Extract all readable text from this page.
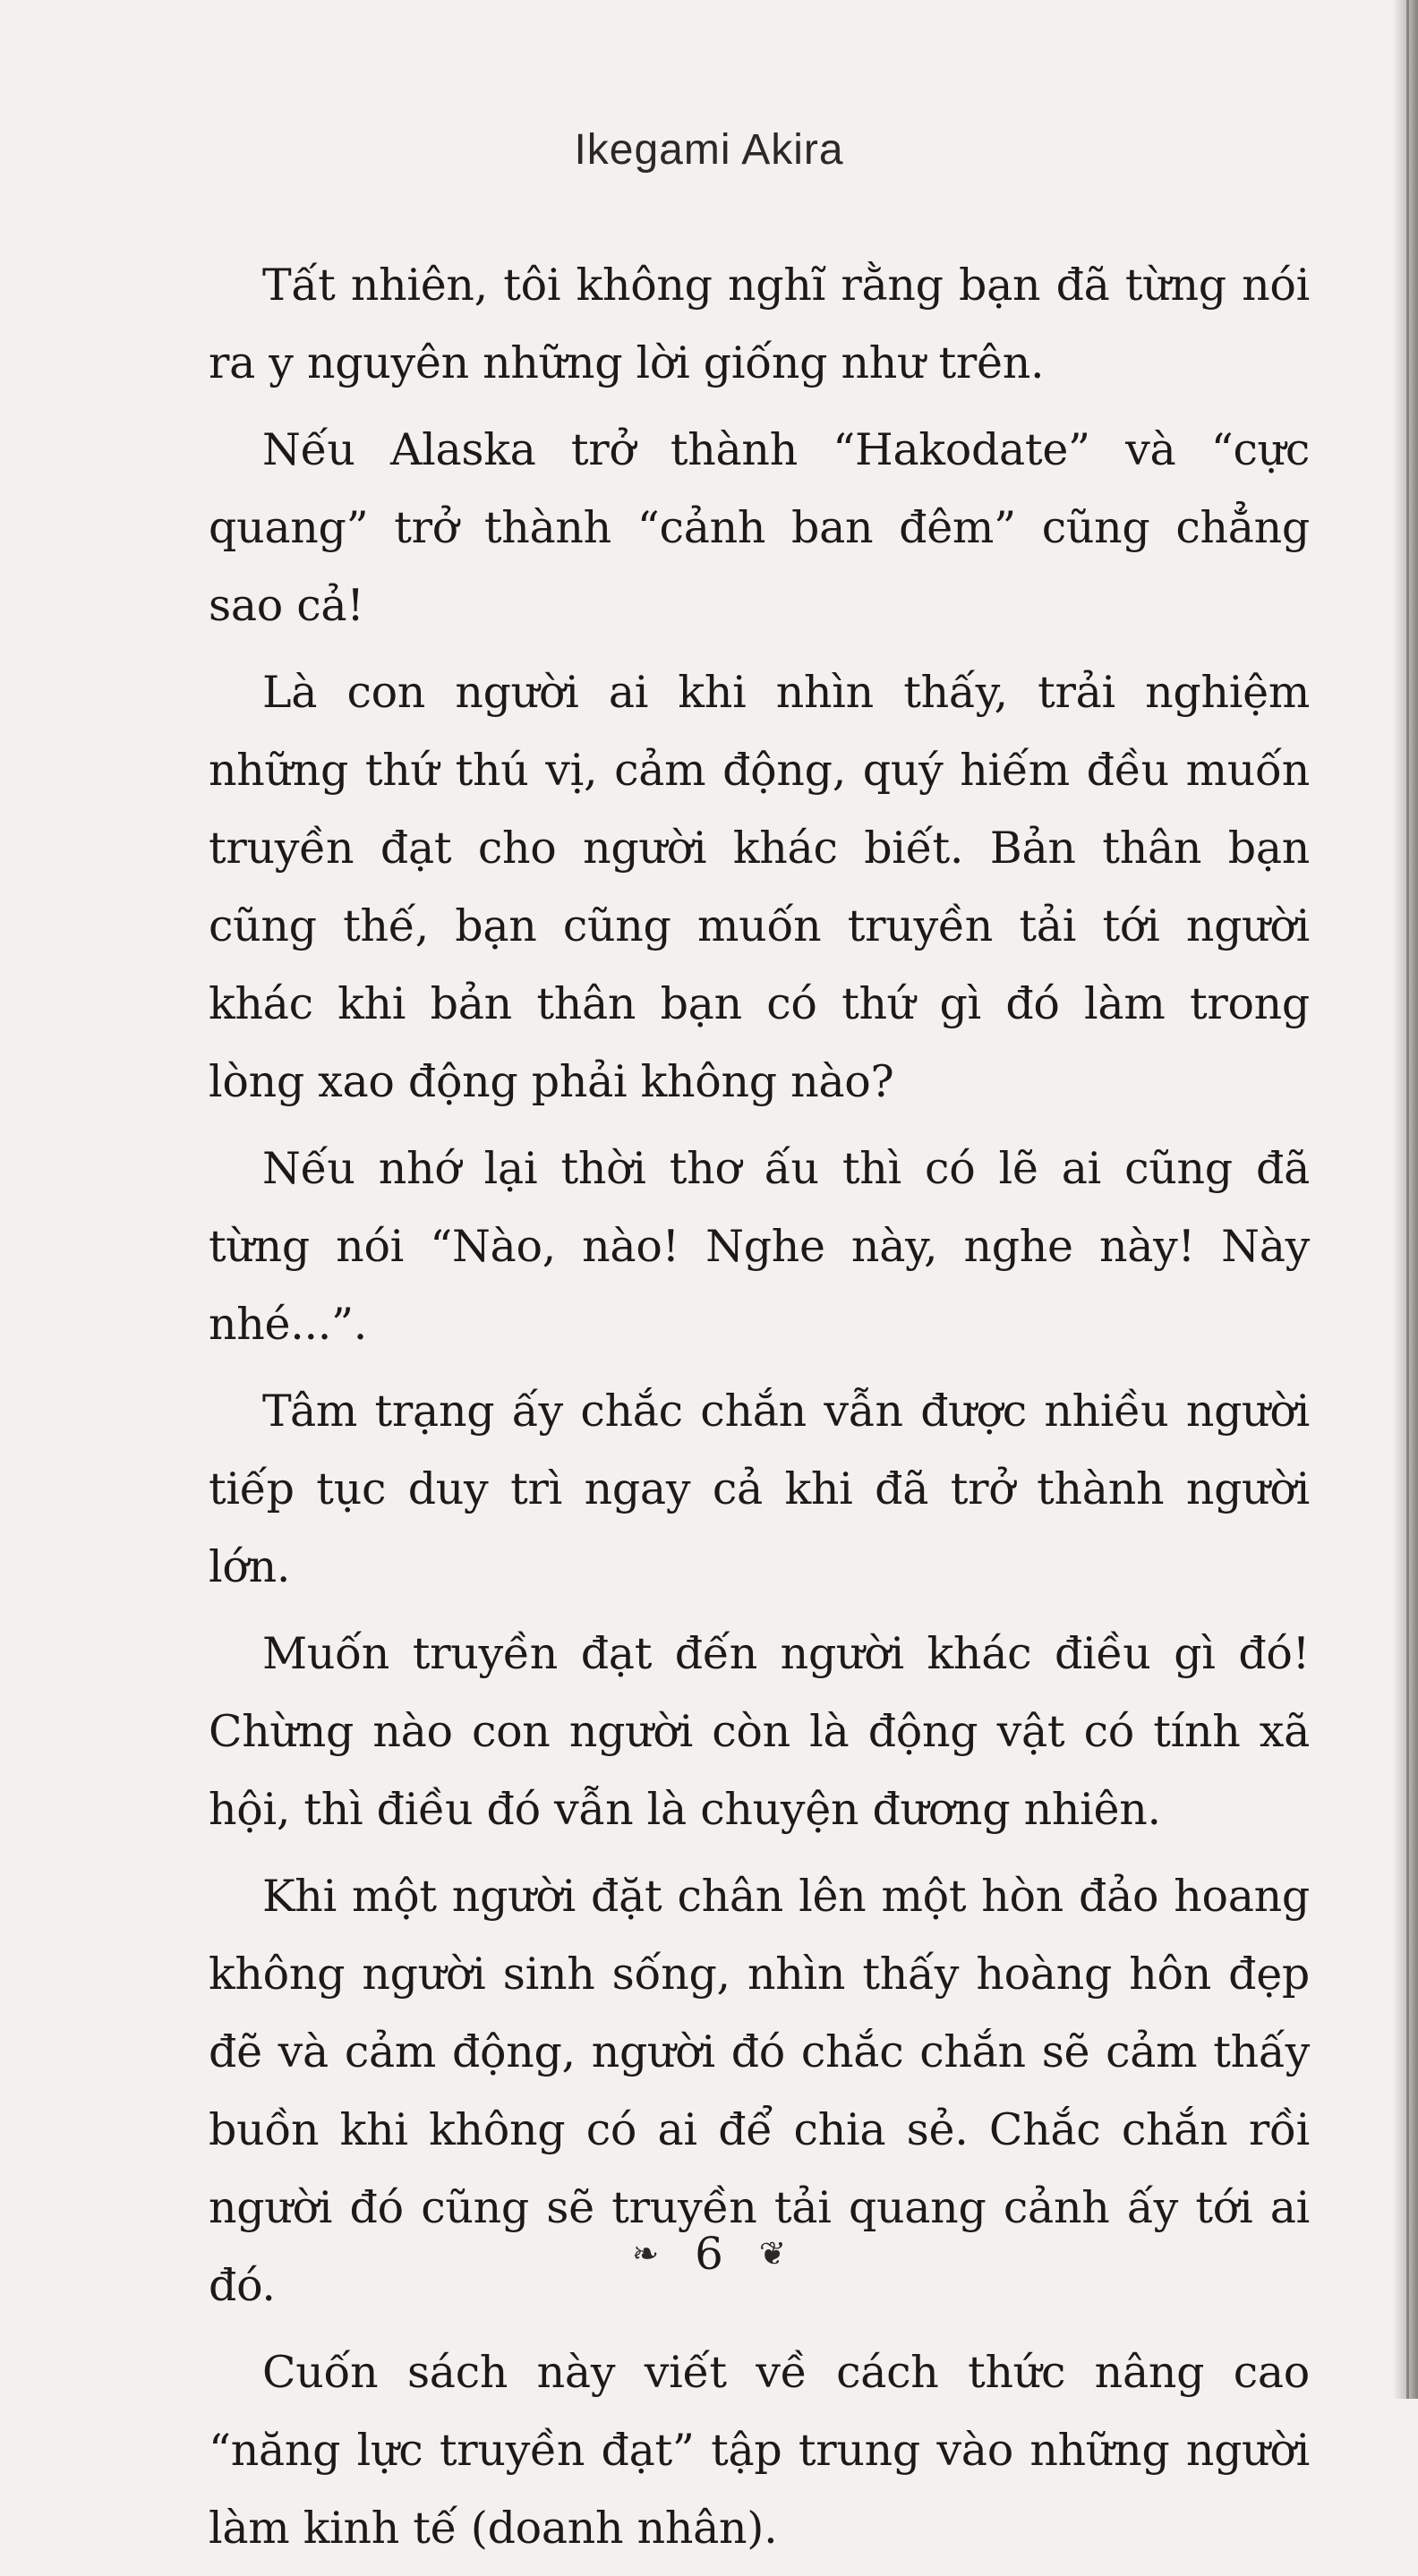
Ikegami Akira

Tất nhiên, tôi không nghĩ rằng bạn đã từng nói ra y nguyên những lời giống như trên.

Nếu Alaska trở thành “Hakodate” và “cực quang” trở thành “cảnh ban đêm” cũng chẳng sao cả!

Là con người ai khi nhìn thấy, trải nghiệm những thứ thú vị, cảm động, quý hiếm đều muốn truyền đạt cho người khác biết. Bản thân bạn cũng thế, bạn cũng muốn truyền tải tới người khác khi bản thân bạn có thứ gì đó làm trong lòng xao động phải không nào?

Nếu nhớ lại thời thơ ấu thì có lẽ ai cũng đã từng nói “Nào, nào! Nghe này, nghe này! Này nhé...”.

Tâm trạng ấy chắc chắn vẫn được nhiều người tiếp tục duy trì ngay cả khi đã trở thành người lớn.

Muốn truyền đạt đến người khác điều gì đó! Chừng nào con người còn là động vật có tính xã hội, thì điều đó vẫn là chuyện đương nhiên.

Khi một người đặt chân lên một hòn đảo hoang không người sinh sống, nhìn thấy hoàng hôn đẹp đẽ và cảm động, người đó chắc chắn sẽ cảm thấy buồn khi không có ai để chia sẻ. Chắc chắn rồi người đó cũng sẽ truyền tải quang cảnh ấy tới ai đó.

Cuốn sách này viết về cách thức nâng cao “năng lực truyền đạt” tập trung vào những người làm kinh tế (doanh nhân).

❧ 6 ❦
